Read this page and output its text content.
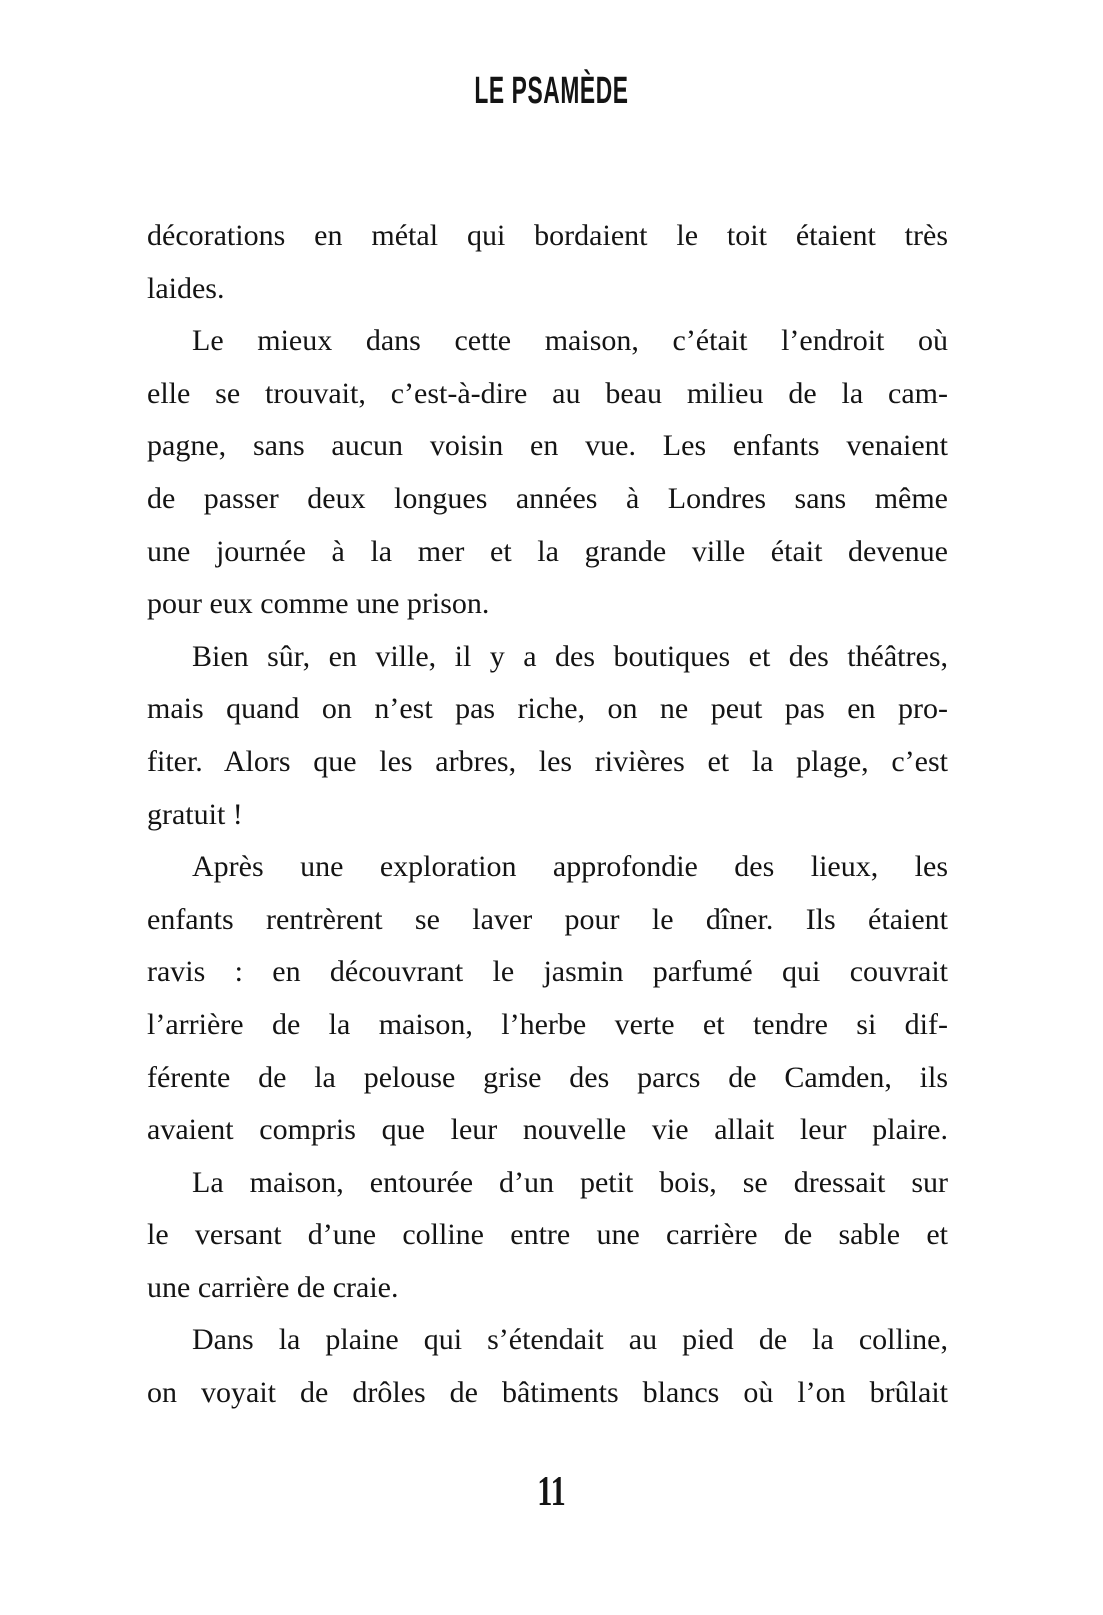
LE PSAMÈDE
décorations en métal qui bordaient le toit étaient très
laides.
Le mieux dans cette maison, c’était l’endroit où
elle se trouvait, c’est-à-dire au beau milieu de la cam-
pagne, sans aucun voisin en vue. Les enfants venaient
de passer deux longues années à Londres sans même
une journée à la mer et la grande ville était devenue
pour eux comme une prison.
Bien sûr, en ville, il y a des boutiques et des théâtres,
mais quand on n’est pas riche, on ne peut pas en pro-
fiter. Alors que les arbres, les rivières et la plage, c’est
gratuit !
Après une exploration approfondie des lieux, les
enfants rentrèrent se laver pour le dîner. Ils étaient
ravis : en découvrant le jasmin parfumé qui couvrait
l’arrière de la maison, l’herbe verte et tendre si dif-
férente de la pelouse grise des parcs de Camden, ils
avaient compris que leur nouvelle vie allait leur plaire.
La maison, entourée d’un petit bois, se dressait sur
le versant d’une colline entre une carrière de sable et
une carrière de craie.
Dans la plaine qui s’étendait au pied de la colline,
on voyait de drôles de bâtiments blancs où l’on brûlait
11
